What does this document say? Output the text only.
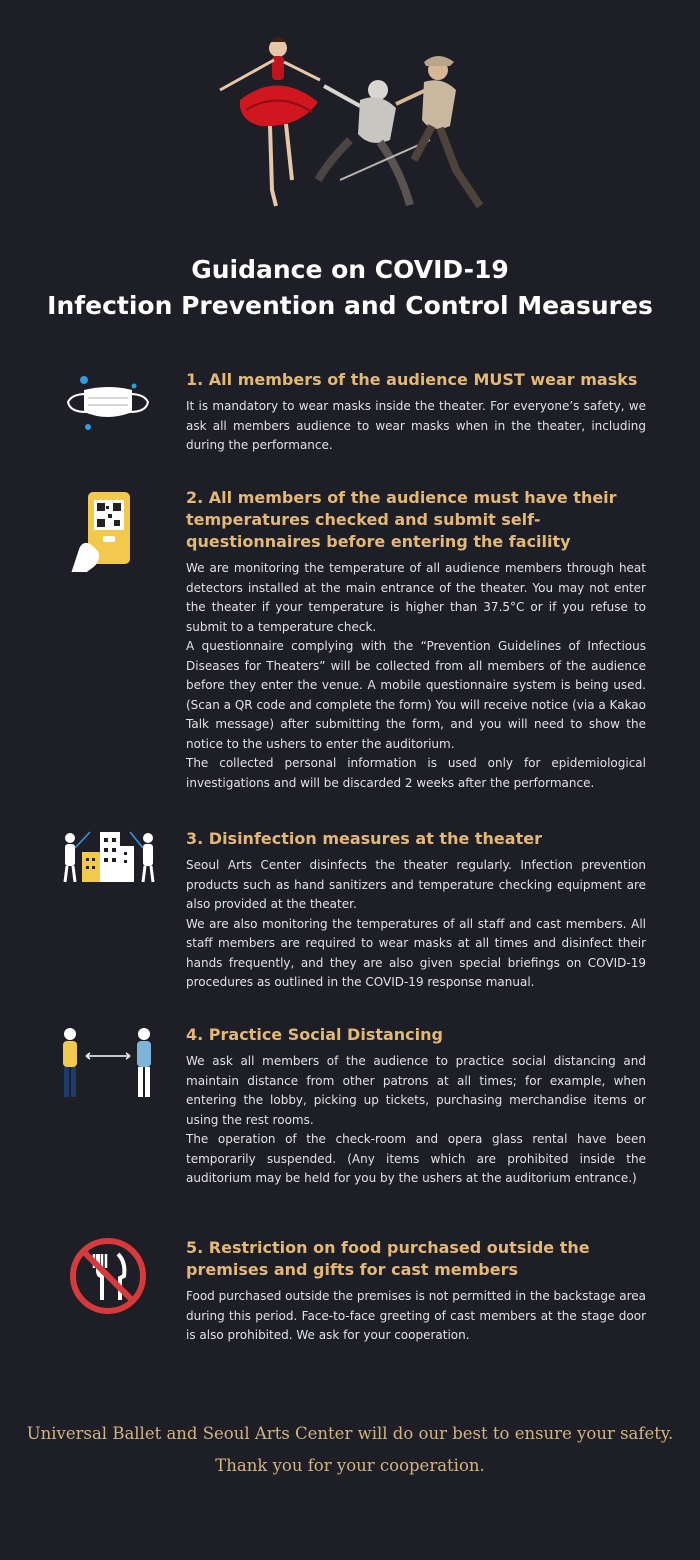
Guidance on COVID-19
Infection Prevention and Control Measures
1. All members of the audience MUST wear masks

It is mandatory to wear masks inside the theater. For everyone’s safety, we ask all members audience to wear masks when in the theater, including during the performance.

2. All members of the audience must have their temperatures checked and submit self-questionnaires before entering the facility

We are monitoring the temperature of all audience members through heat detectors installed at the main entrance of the theater. You may not enter the theater if your temperature is higher than 37.5°C or if you refuse to submit to a temperature check.

A questionnaire complying with the “Prevention Guidelines of Infectious Diseases for Theaters” will be collected from all members of the audience before they enter the venue. A mobile questionnaire system is being used. (Scan a QR code and complete the form) You will receive notice (via a Kakao Talk message) after submitting the form, and you will need to show the notice to the ushers to enter the auditorium.

The collected personal information is used only for epidemiological investigations and will be discarded 2 weeks after the performance.

3. Disinfection measures at the theater

Seoul Arts Center disinfects the theater regularly. Infection prevention products such as hand sanitizers and temperature checking equipment are also provided at the theater.

We are also monitoring the temperatures of all staff and cast members. All staff members are required to wear masks at all times and disinfect their hands frequently, and they are also given special briefings on COVID-19 procedures as outlined in the COVID-19 response manual.

4. Practice Social Distancing

We ask all members of the audience to practice social distancing and maintain distance from other patrons at all times; for example, when entering the lobby, picking up tickets, purchasing merchandise items or using the rest rooms.

The operation of the check-room and opera glass rental have been temporarily suspended. (Any items which are prohibited inside the auditorium may be held for you by the ushers at the auditorium entrance.)

5. Restriction on food purchased outside the premises and gifts for cast members

Food purchased outside the premises is not permitted in the backstage area during this period. Face-to-face greeting of cast members at the stage door is also prohibited. We ask for your cooperation.

Universal Ballet and Seoul Arts Center will do our best to ensure your safety.
Thank you for your cooperation.
